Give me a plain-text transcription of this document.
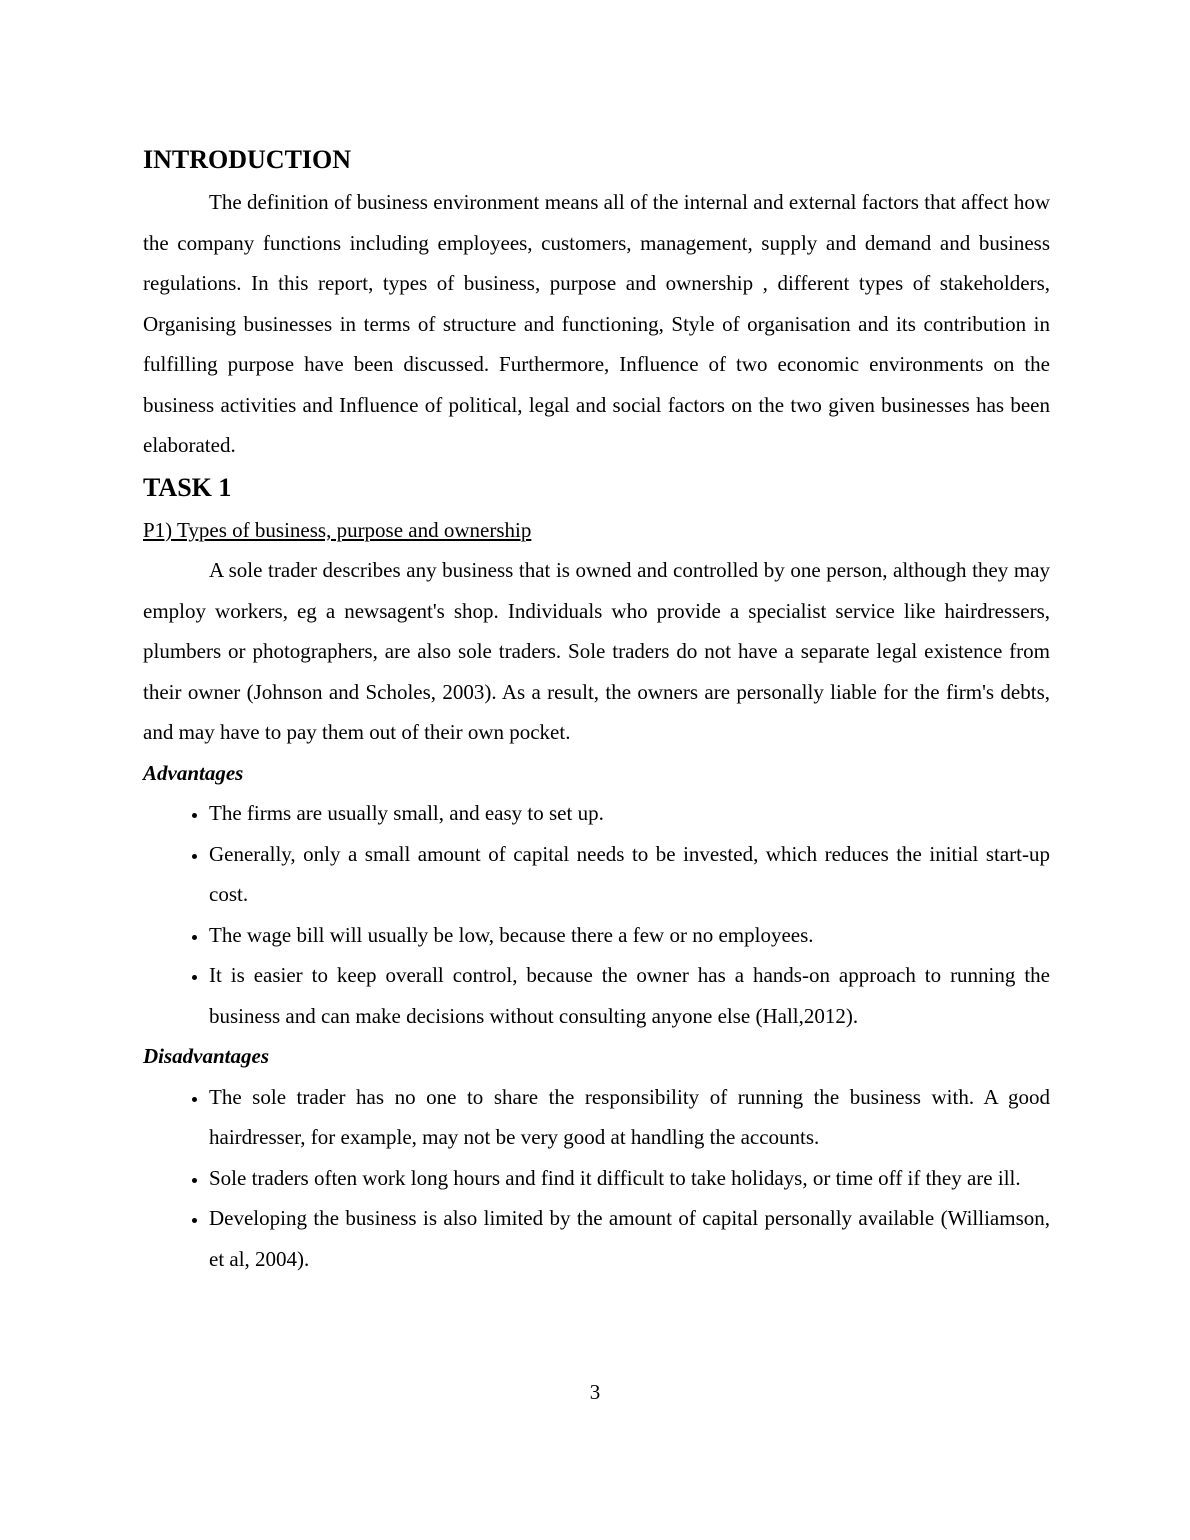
INTRODUCTION

The definition of business environment means all of the internal and external factors that affect how the company functions including employees, customers, management, supply and demand and business regulations. In this report, types of business, purpose and ownership , different types of stakeholders, Organising businesses in terms of structure and functioning, Style of organisation and its contribution in fulfilling purpose have been discussed. Furthermore, Influence of two economic environments on the business activities and Influence of political, legal and social factors on the two given businesses has been elaborated.

TASK 1

P1) Types of business, purpose and ownership

A sole trader describes any business that is owned and controlled by one person, although they may employ workers, eg a newsagent's shop. Individuals who provide a specialist service like hairdressers, plumbers or photographers, are also sole traders. Sole traders do not have a separate legal existence from their owner (Johnson and Scholes, 2003). As a result, the owners are personally liable for the firm's debts, and may have to pay them out of their own pocket.

Advantages

• The firms are usually small, and easy to set up.
• Generally, only a small amount of capital needs to be invested, which reduces the initial start-up cost.
• The wage bill will usually be low, because there a few or no employees.
• It is easier to keep overall control, because the owner has a hands-on approach to running the business and can make decisions without consulting anyone else (Hall,2012).

Disadvantages

• The sole trader has no one to share the responsibility of running the business with. A good hairdresser, for example, may not be very good at handling the accounts.
• Sole traders often work long hours and find it difficult to take holidays, or time off if they are ill.
• Developing the business is also limited by the amount of capital personally available (Williamson, et al, 2004).
3
